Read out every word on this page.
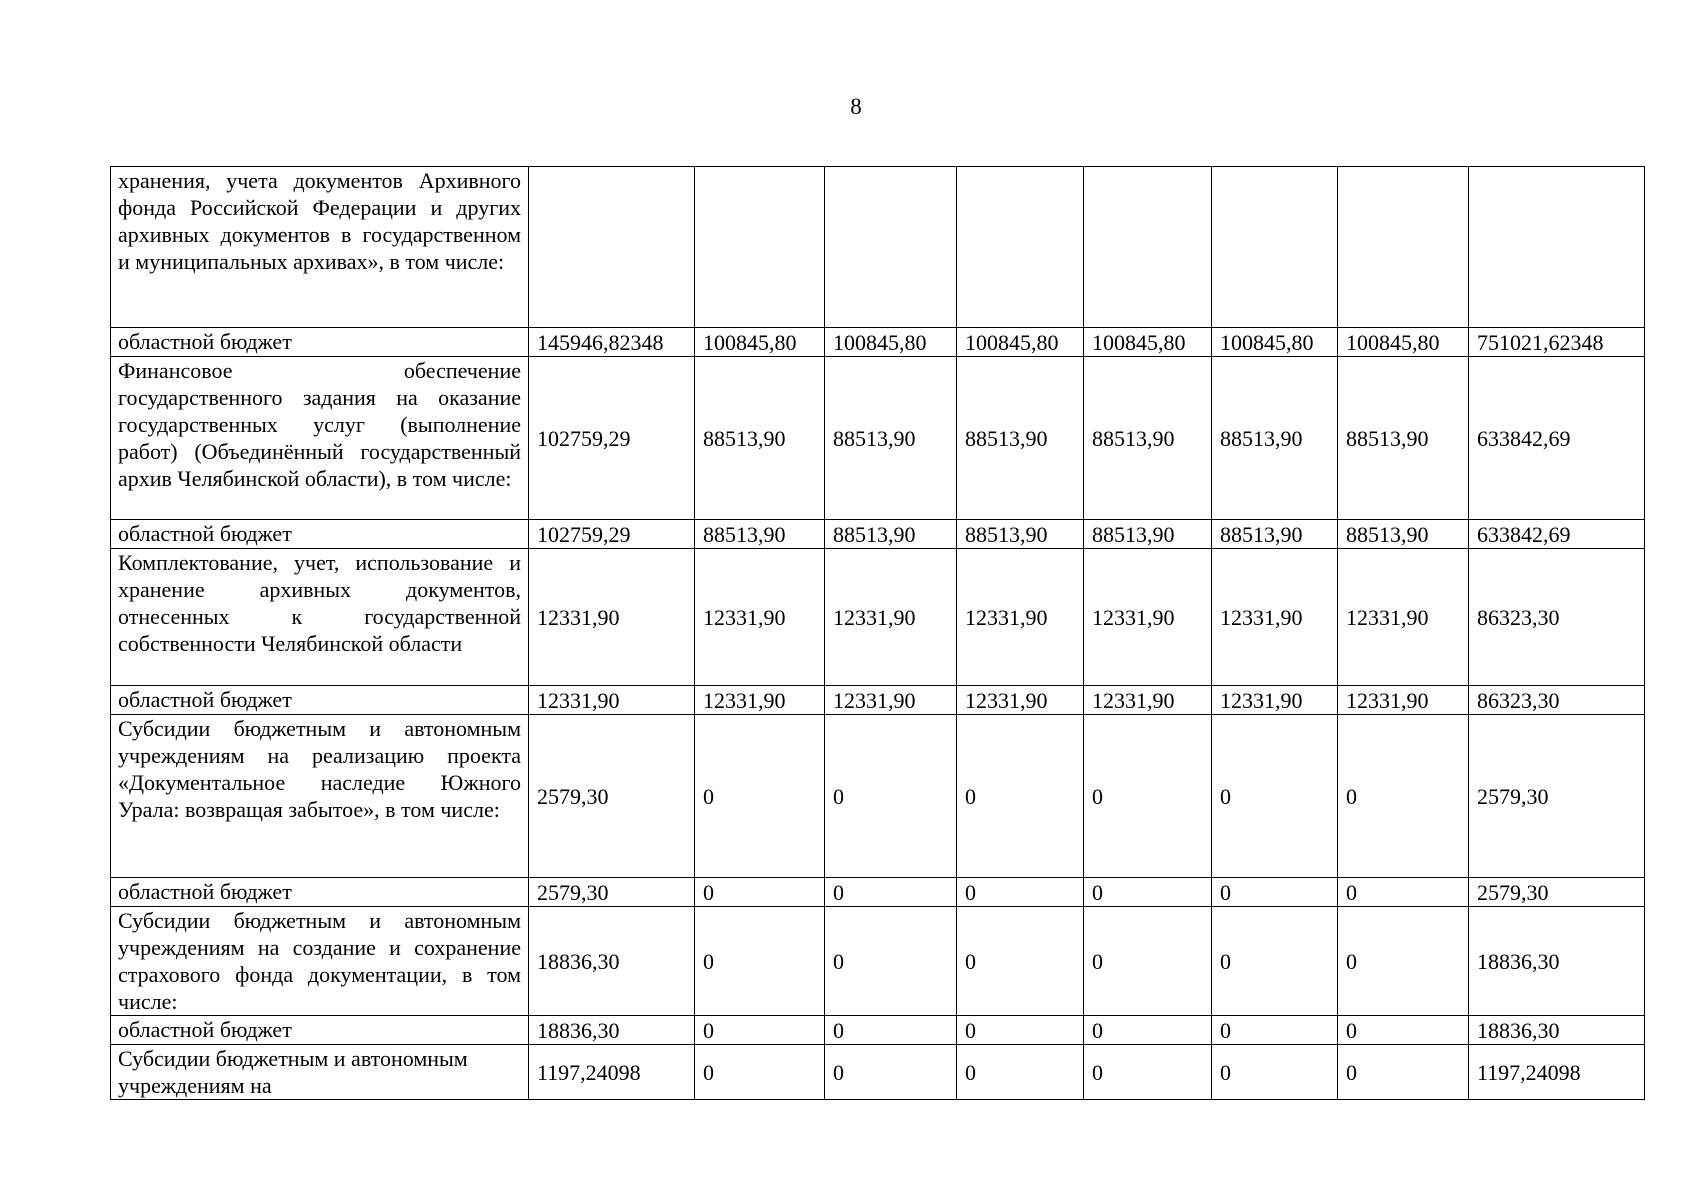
8
хранения, учета документов Архивного фонда Российской Федерации и других архивных документов в государственном и муниципальных архивах», в том числе:								
областной бюджет	145946,82348	100845,80	100845,80	100845,80	100845,80	100845,80	100845,80	751021,62348
Финансовое обеспечение государственного задания на оказание государственных услуг (выполнение работ) (Объединённый государственный архив Челябинской области), в том числе:	102759,29	88513,90	88513,90	88513,90	88513,90	88513,90	88513,90	633842,69
областной бюджет	102759,29	88513,90	88513,90	88513,90	88513,90	88513,90	88513,90	633842,69
Комплектование, учет, использование и хранение архивных документов, отнесенных к государственной собственности Челябинской области	12331,90	12331,90	12331,90	12331,90	12331,90	12331,90	12331,90	86323,30
областной бюджет	12331,90	12331,90	12331,90	12331,90	12331,90	12331,90	12331,90	86323,30
Субсидии бюджетным и автономным учреждениям на реализацию проекта «Документальное наследие Южного Урала: возвращая забытое», в том числе:	2579,30	0	0	0	0	0	0	2579,30
областной бюджет	2579,30	0	0	0	0	0	0	2579,30
Субсидии бюджетным и автономным учреждениям на создание и сохранение страхового фонда документации, в том числе:	18836,30	0	0	0	0	0	0	18836,30
областной бюджет	18836,30	0	0	0	0	0	0	18836,30
Субсидии бюджетным и автономным учреждениям на	1197,24098	0	0	0	0	0	0	1197,24098
